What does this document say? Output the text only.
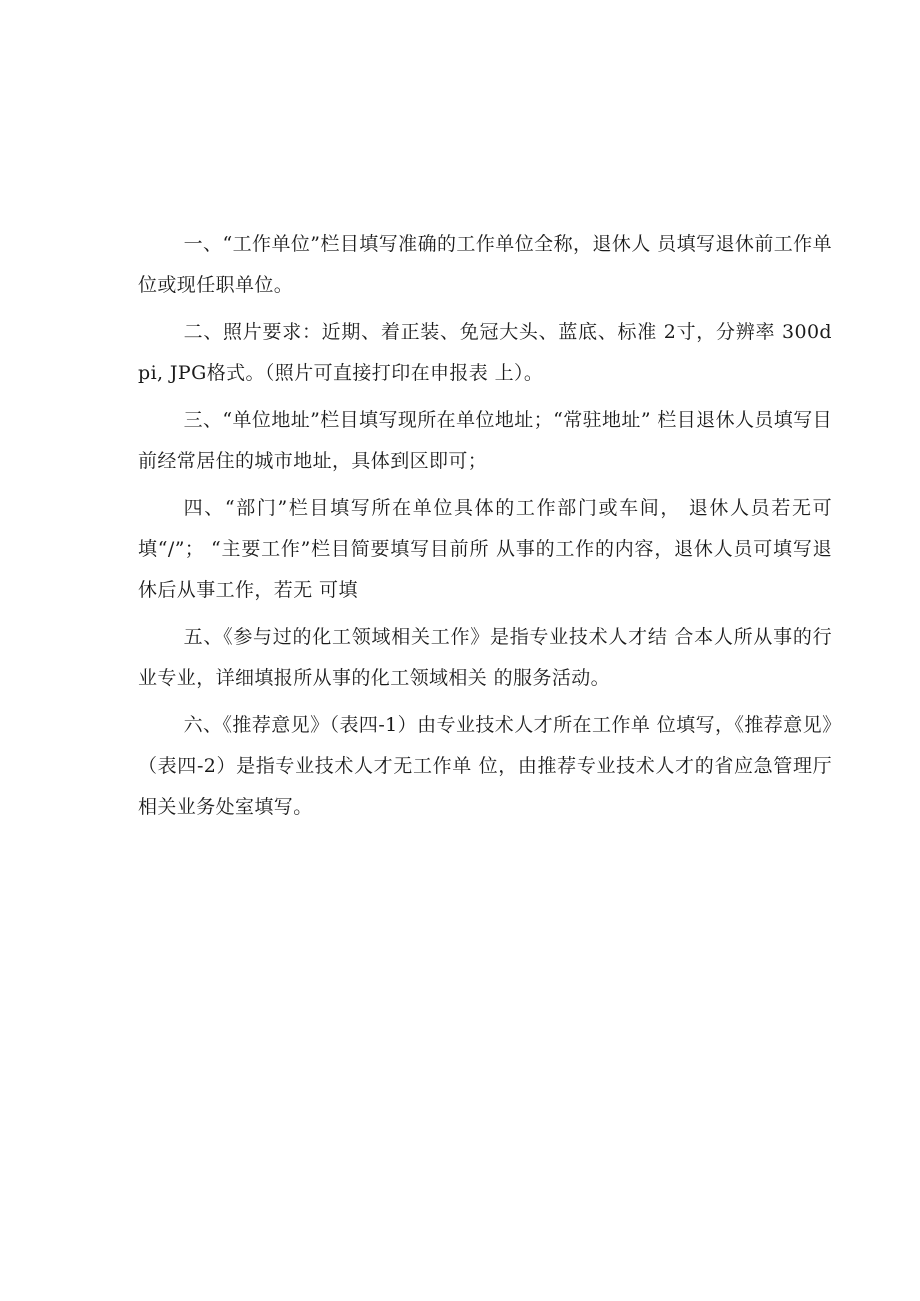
一、“工作单位”栏目填写准确的工作单位全称，退休人 员填写退休前工作单位或现任职单位。

二、照片要求：近期、着正装、免冠大头、蓝底、标准 2寸，分辨率 300dpi, JPG格式。（照片可直接打印在申报表 上）。

三、“单位地址”栏目填写现所在单位地址；“常驻地址” 栏目退休人员填写目前经常居住的城市地址，具体到区即可；

四、“部门”栏目填写所在单位具体的工作部门或车间， 退休人员若无可填“/”； “主要工作”栏目简要填写目前所 从事的工作的内容，退休人员可填写退休后从事工作，若无 可填

五、《参与过的化工领域相关工作》是指专业技术人才结 合本人所从事的行业专业，详细填报所从事的化工领域相关 的服务活动。

六、《推荐意见》（表四-1）由专业技术人才所在工作单 位填写，《推荐意见》（表四-2）是指专业技术人才无工作单 位，由推荐专业技术人才的省应急管理厅相关业务处室填写。
